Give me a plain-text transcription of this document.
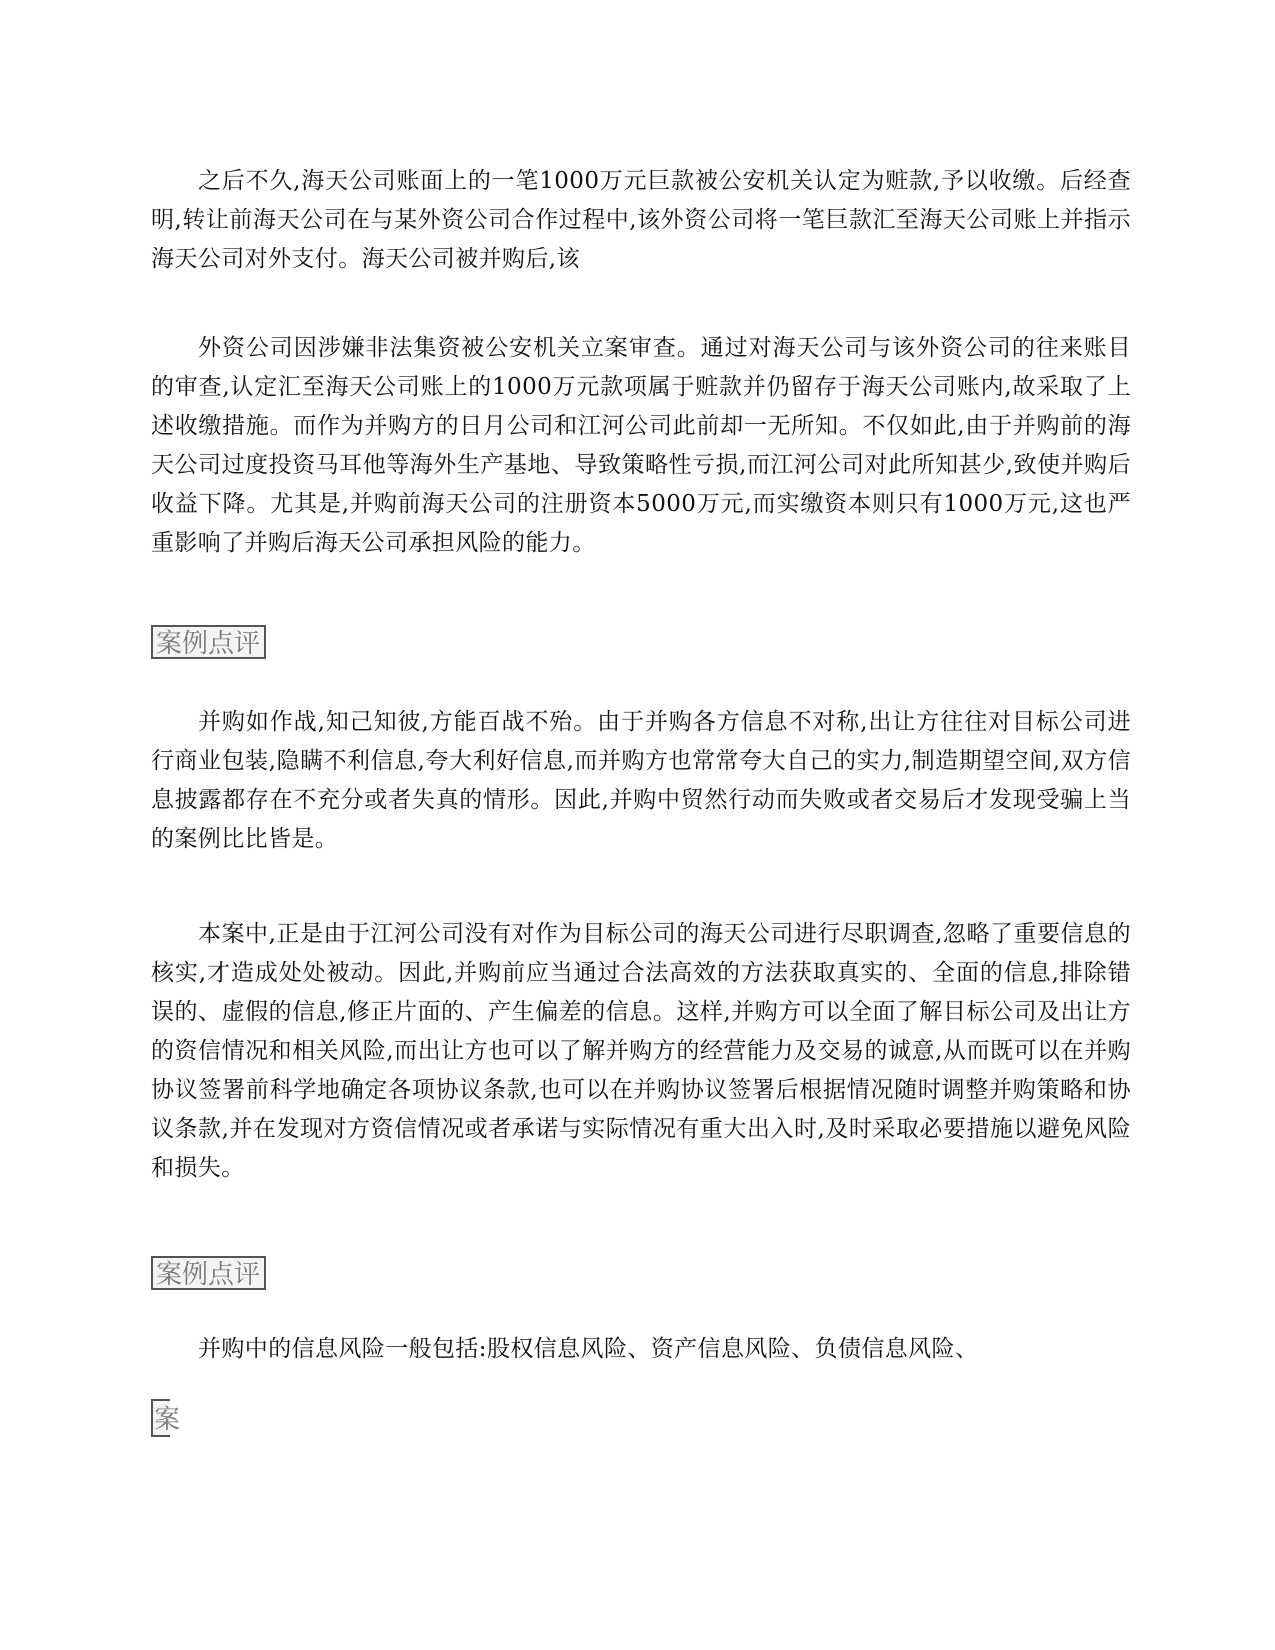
之后不久,海天公司账面上的一笔1000万元巨款被公安机关认定为赃款,予以收缴。后经查明,转让前海天公司在与某外资公司合作过程中,该外资公司将一笔巨款汇至海天公司账上并指示海天公司对外支付。海天公司被并购后,该

外资公司因涉嫌非法集资被公安机关立案审查。通过对海天公司与该外资公司的往来账目的审查,认定汇至海天公司账上的1000万元款项属于赃款并仍留存于海天公司账内,故采取了上述收缴措施。而作为并购方的日月公司和江河公司此前却一无所知。不仅如此,由于并购前的海天公司过度投资马耳他等海外生产基地、导致策略性亏损,而江河公司对此所知甚少,致使并购后收益下降。尤其是,并购前海天公司的注册资本5000万元,而实缴资本则只有1000万元,这也严重影响了并购后海天公司承担风险的能力。

案例点评

并购如作战,知己知彼,方能百战不殆。由于并购各方信息不对称,出让方往往对目标公司进行商业包装,隐瞒不利信息,夸大利好信息,而并购方也常常夸大自己的实力,制造期望空间,双方信息披露都存在不充分或者失真的情形。因此,并购中贸然行动而失败或者交易后才发现受骗上当的案例比比皆是。

本案中,正是由于江河公司没有对作为目标公司的海天公司进行尽职调查,忽略了重要信息的核实,才造成处处被动。因此,并购前应当通过合法高效的方法获取真实的、全面的信息,排除错误的、虚假的信息,修正片面的、产生偏差的信息。这样,并购方可以全面了解目标公司及出让方的资信情况和相关风险,而出让方也可以了解并购方的经营能力及交易的诚意,从而既可以在并购协议签署前科学地确定各项协议条款,也可以在并购协议签署后根据情况随时调整并购策略和协议条款,并在发现对方资信情况或者承诺与实际情况有重大出入时,及时采取必要措施以避免风险和损失。

案例点评

并购中的信息风险一般包括:股权信息风险、资产信息风险、负债信息风险、

案
